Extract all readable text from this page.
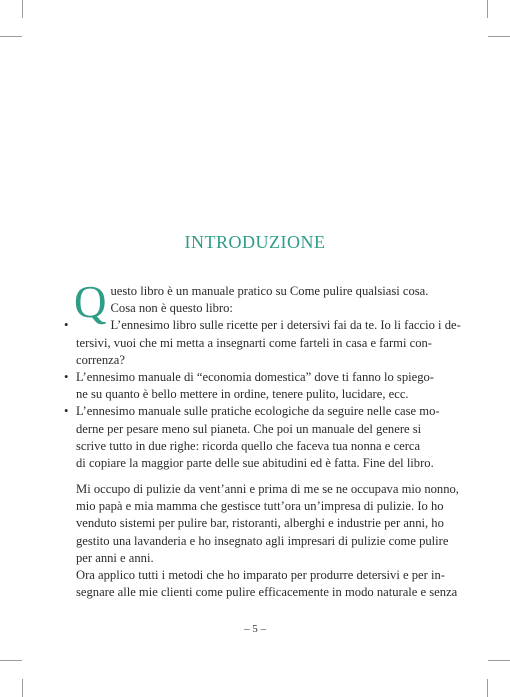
INTRODUZIONE
Q uesto libro è un manuale pratico su Come pulire qualsiasi cosa.
Cosa non è questo libro:
•	L’ennesimo libro sulle ricette per i detersivi fai da te. Io li faccio i de-
tersivi, vuoi che mi metta a insegnarti come farteli in casa e farmi con-
correnza?
• L’ennesimo manuale di “economia domestica” dove ti fanno lo spiego-
ne su quanto è bello mettere in ordine, tenere pulito, lucidare, ecc.
• L’ennesimo manuale sulle pratiche ecologiche da seguire nelle case mo-
derne per pesare meno sul pianeta. Che poi un manuale del genere si
scrive tutto in due righe: ricorda quello che faceva tua nonna e cerca
di copiare la maggior parte delle sue abitudini ed è fatta. Fine del libro.
Mi occupo di pulizie da vent’anni e prima di me se ne occupava mio nonno,
mio papà e mia mamma che gestisce tutt’ora un’impresa di pulizie. Io ho
venduto sistemi per pulire bar, ristoranti, alberghi e industrie per anni, ho
gestito una lavanderia e ho insegnato agli impresari di pulizie come pulire
per anni e anni.
Ora applico tutti i metodi che ho imparato per produrre detersivi e per in-
segnare alle mie clienti come pulire efficacemente in modo naturale e senza
– 5 –
